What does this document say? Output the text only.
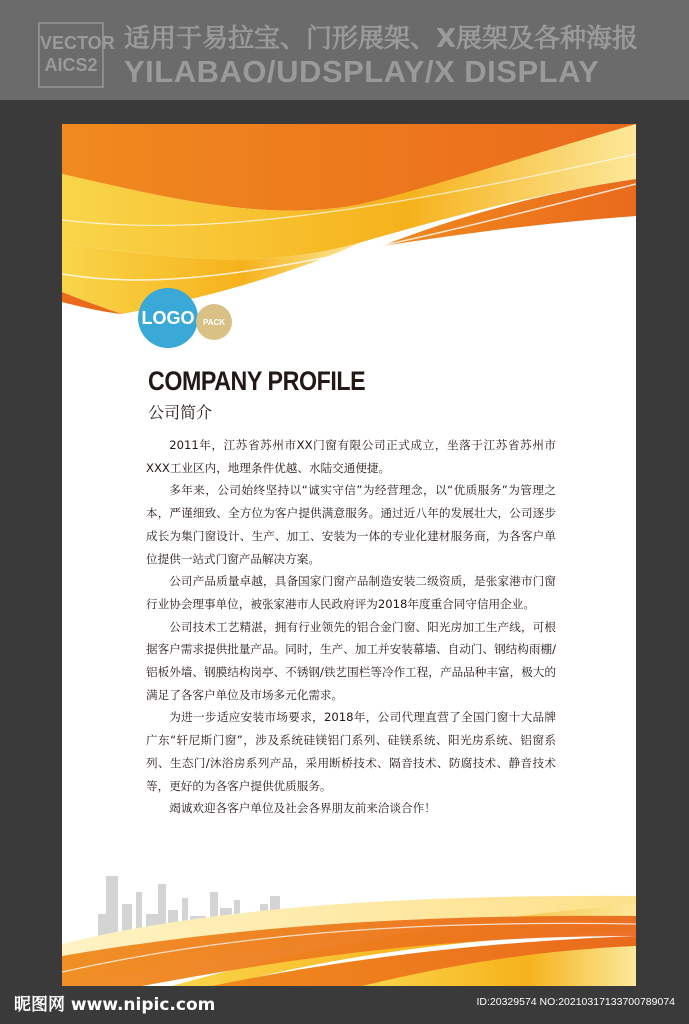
VECTOR
AICS2
适用于易拉宝、门形展架、X展架及各种海报
YILABAO/UDSPLAY/X DISPLAY
LOGO	PACK
COMPANY PROFILE
公司简介

2011年，江苏省苏州市XX门窗有限公司正式成立，坐落于江苏省苏州市XXX工业区内，地理条件优越、水陆交通便捷。

多年来，公司始终坚持以“诚实守信”为经营理念，以“优质服务”为管理之本，严谨细致、全方位为客户提供满意服务。通过近八年的发展壮大，公司逐步成长为集门窗设计、生产、加工、安装为一体的专业化建材服务商，为各客户单位提供一站式门窗产品解决方案。

公司产品质量卓越，具备国家门窗产品制造安装二级资质，是张家港市门窗行业协会理事单位，被张家港市人民政府评为2018年度重合同守信用企业。

公司技术工艺精湛，拥有行业领先的铝合金门窗、阳光房加工生产线，可根据客户需求提供批量产品。同时，生产、加工并安装幕墙、自动门、钢结构雨棚/铝板外墙、钢膜结构岗亭、不锈钢/铁艺围栏等冷作工程，产品品种丰富，极大的满足了各客户单位及市场多元化需求。

为进一步适应安装市场要求，2018年，公司代理直营了全国门窗十大品牌广东“轩尼斯门窗”，涉及系统硅镁铝门系列、硅镁系统、阳光房系统、铝窗系列、生态门/沐浴房系列产品，采用断桥技术、隔音技术、防腐技术、静音技术等，更好的为各客户提供优质服务。

竭诚欢迎各客户单位及社会各界朋友前来洽谈合作！

昵图网 www.nipic.com	ID:20329574 NO:20210317133700789074
